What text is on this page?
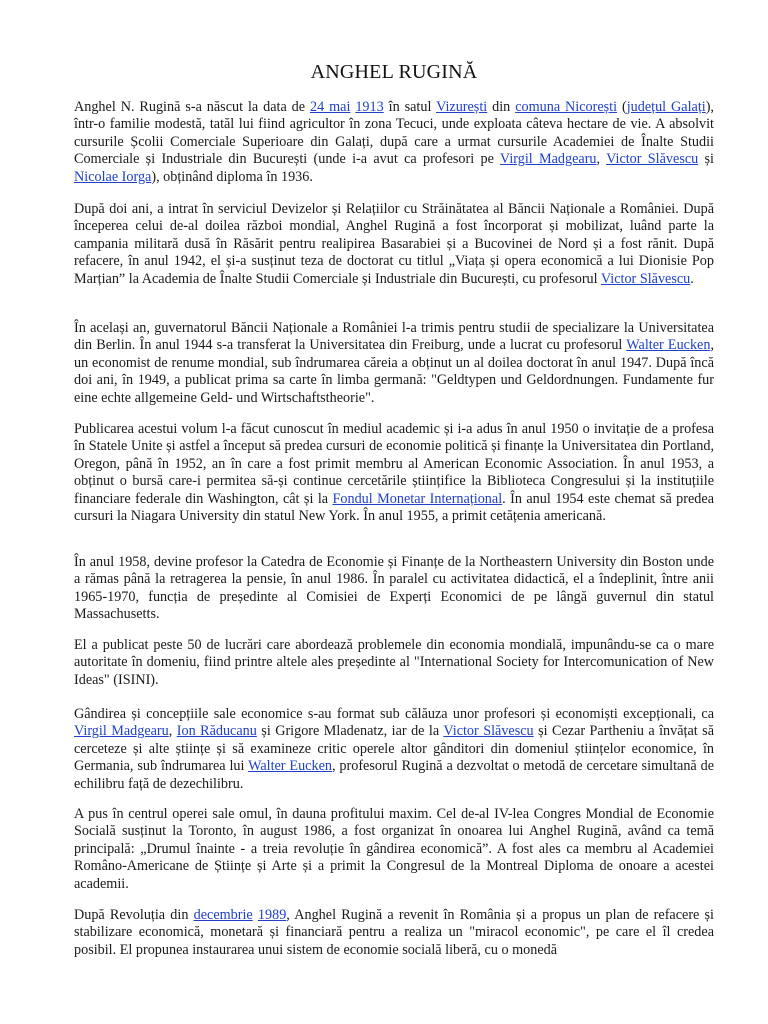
ANGHEL RUGINĂ

Anghel N. Rugină s-a născut la data de 24 mai 1913 în satul Vizurești din comuna Nicorești (județul Galați), într-o familie modestă, tatăl lui fiind agricultor în zona Tecuci, unde exploata câteva hectare de vie. A absolvit cursurile Școlii Comerciale Superioare din Galați, după care a urmat cursurile Academiei de Înalte Studii Comerciale și Industriale din București (unde i-a avut ca profesori pe Virgil Madgearu, Victor Slăvescu și Nicolae Iorga), obținând diploma în 1936.

După doi ani, a intrat în serviciul Devizelor și Relațiilor cu Străinătatea al Băncii Naționale a României. După începerea celui de-al doilea război mondial, Anghel Rugină a fost încorporat și mobilizat, luând parte la campania militară dusă în Răsărit pentru realipirea Basarabiei și a Bucovinei de Nord și a fost rănit. După refacere, în anul 1942, el și-a susținut teza de doctorat cu titlul „Viața și opera economică a lui Dionisie Pop Marțian” la Academia de Înalte Studii Comerciale și Industriale din București, cu profesorul Victor Slăvescu.

În același an, guvernatorul Băncii Naționale a României l-a trimis pentru studii de specializare la Universitatea din Berlin. În anul 1944 s-a transferat la Universitatea din Freiburg, unde a lucrat cu profesorul Walter Eucken, un economist de renume mondial, sub îndrumarea căreia a obținut un al doilea doctorat în anul 1947. După încă doi ani, în 1949, a publicat prima sa carte în limba germană: "Geldtypen und Geldordnungen. Fundamente fur eine echte allgemeine Geld- und Wirtschaftstheorie".

Publicarea acestui volum l-a făcut cunoscut în mediul academic și i-a adus în anul 1950 o invitație de a profesa în Statele Unite și astfel a început să predea cursuri de economie politică și finanțe la Universitatea din Portland, Oregon, până în 1952, an în care a fost primit membru al American Economic Association. În anul 1953, a obținut o bursă care-i permitea să-și continue cercetările științifice la Biblioteca Congresului și la instituțiile financiare federale din Washington, cât și la Fondul Monetar Internațional. În anul 1954 este chemat să predea cursuri la Niagara University din statul New York. În anul 1955, a primit cetățenia americană.

În anul 1958, devine profesor la Catedra de Economie și Finanțe de la Northeastern University din Boston unde a rămas până la retragerea la pensie, în anul 1986. În paralel cu activitatea didactică, el a îndeplinit, între anii 1965-1970, funcția de președinte al Comisiei de Experți Economici de pe lângă guvernul din statul Massachusetts.

El a publicat peste 50 de lucrări care abordează problemele din economia mondială, impunându-se ca o mare autoritate în domeniu, fiind printre altele ales președinte al "International Society for Intercomunication of New Ideas" (ISINI).

Gândirea și concepțiile sale economice s-au format sub călăuza unor profesori și economiști excepționali, ca Virgil Madgearu, Ion Răducanu și Grigore Mladenatz, iar de la Victor Slăvescu și Cezar Partheniu a învățat să cerceteze și alte științe și să examineze critic operele altor gânditori din domeniul științelor economice, în Germania, sub îndrumarea lui Walter Eucken, profesorul Rugină a dezvoltat o metodă de cercetare simultană de echilibru față de dezechilibru.

A pus în centrul operei sale omul, în dauna profitului maxim. Cel de-al IV-lea Congres Mondial de Economie Socială susținut la Toronto, în august 1986, a fost organizat în onoarea lui Anghel Rugină, având ca temă principală: „Drumul înainte - a treia revoluție în gândirea economică”. A fost ales ca membru al Academiei Româno-Americane de Științe și Arte și a primit la Congresul de la Montreal Diploma de onoare a acestei academii.

După Revoluția din decembrie 1989, Anghel Rugină a revenit în România și a propus un plan de refacere și stabilizare economică, monetară și financiară pentru a realiza un "miracol economic", pe care el îl credea posibil. El propunea instaurarea unui sistem de economie socială liberă, cu o monedă
